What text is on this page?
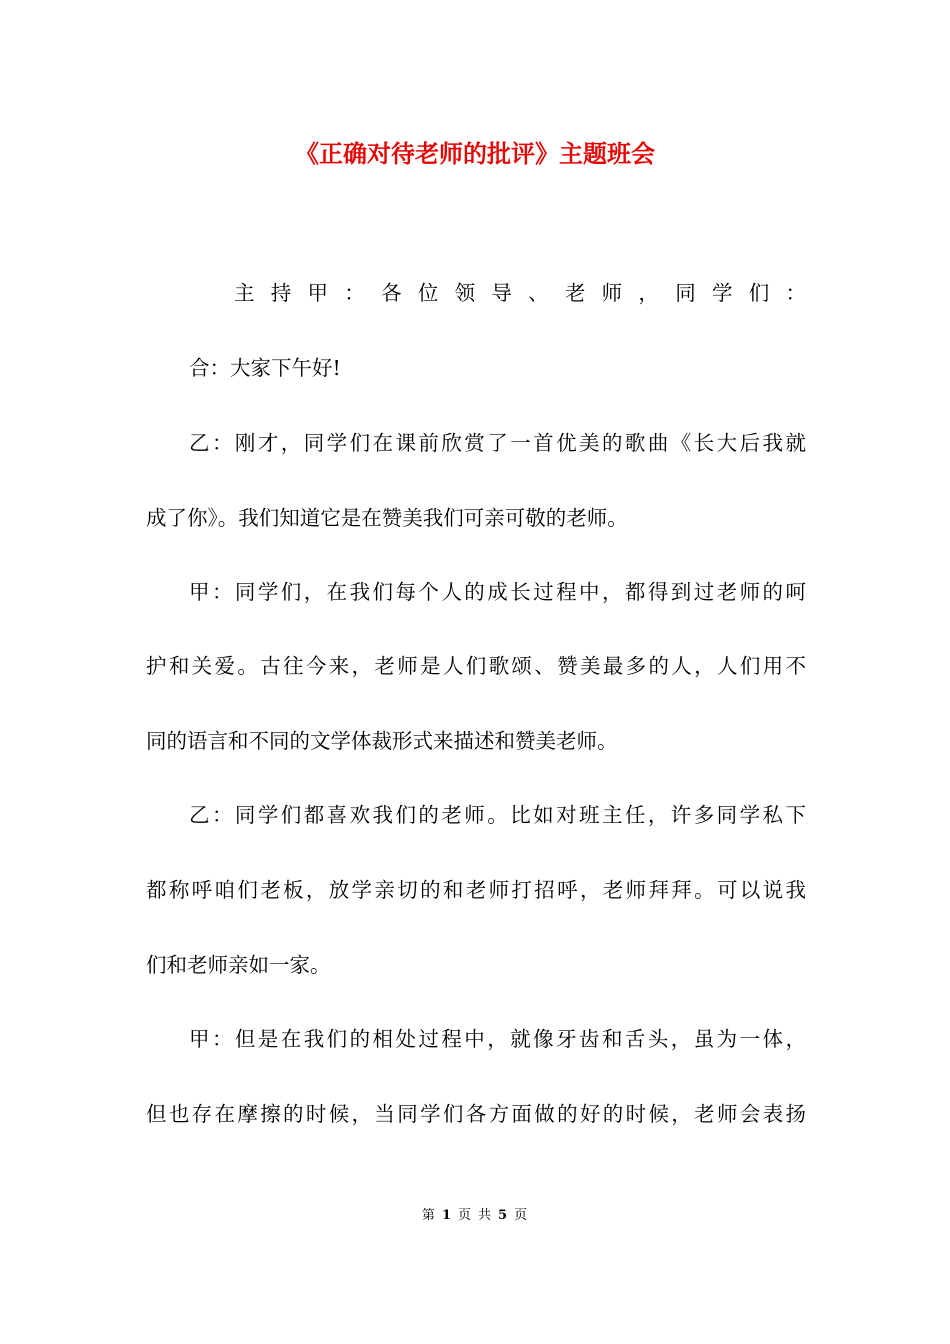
《正确对待老师的批评》主题班会
主持甲：各位领导、老师，同学们：
合：大家下午好!
乙：刚才，同学们在课前欣赏了一首优美的歌曲《长大后我就
成了你》。我们知道它是在赞美我们可亲可敬的老师。
甲：同学们，在我们每个人的成长过程中，都得到过老师的呵
护和关爱。古往今来，老师是人们歌颂、赞美最多的人，人们用不
同的语言和不同的文学体裁形式来描述和赞美老师。
乙：同学们都喜欢我们的老师。比如对班主任，许多同学私下
都称呼咱们老板，放学亲切的和老师打招呼，老师拜拜。可以说我
们和老师亲如一家。
甲：但是在我们的相处过程中，就像牙齿和舌头，虽为一体，
但也存在摩擦的时候，当同学们各方面做的好的时候，老师会表扬
第 1 页 共 5 页
